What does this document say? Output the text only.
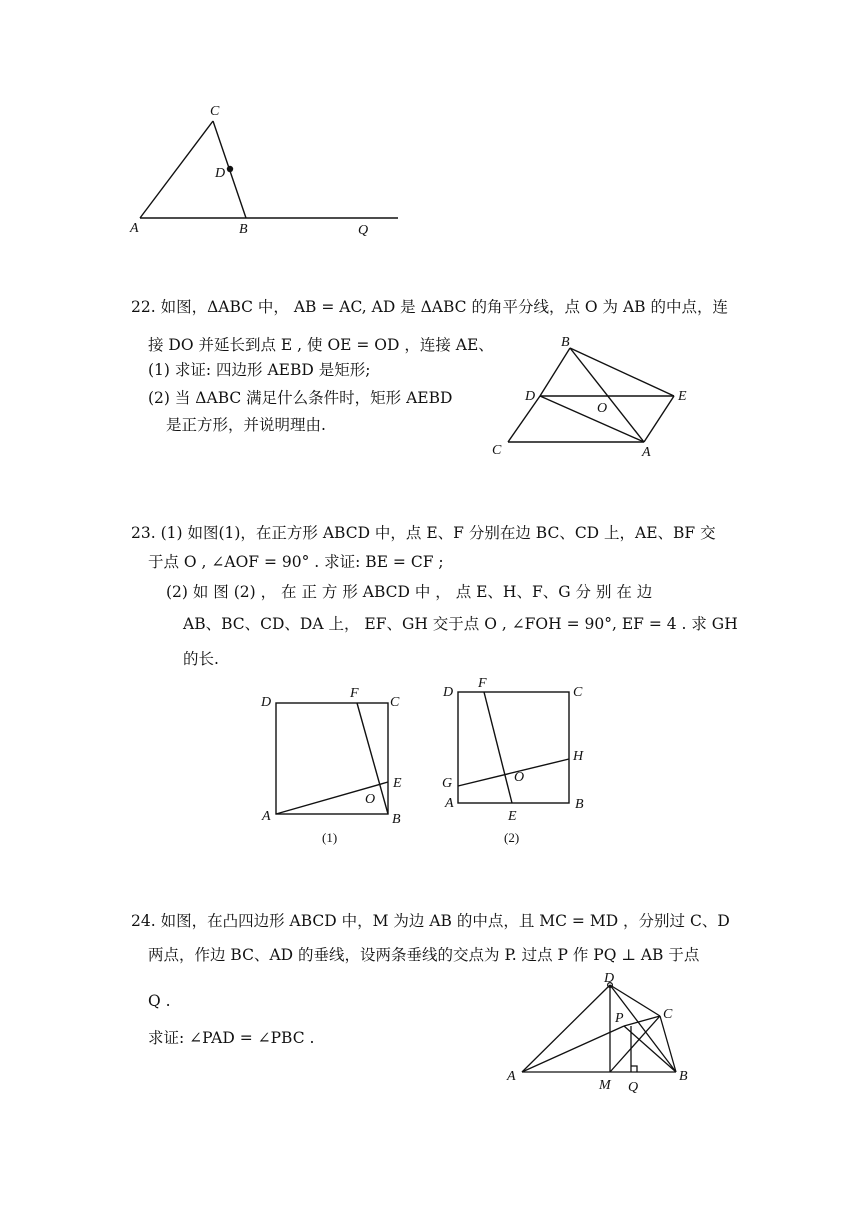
C
D
A	B	Q
22. 如图，ΔABC 中， AB = AC, AD 是 ΔABC 的角平分线，点 O 为 AB 的中点，连
接 DO 并延长到点 E , 使 OE = OD ，连接 AE、
(1) 求证: 四边形 AEBD 是矩形;
(2) 当 ΔABC 满足什么条件时，矩形 AEBD
是正方形，并说明理由.
B
D
O
E
C	A
23. (1) 如图(1)，在正方形 ABCD 中，点 E、F 分别在边 BC、CD 上，AE、BF 交
于点 O , ∠AOF = 90° . 求证: BE = CF ;
(2) 如 图 (2) ， 在 正 方 形 ABCD 中 ， 点 E、H、F、G 分 别 在 边
AB、BC、CD、DA 上， EF、GH 交于点 O , ∠FOH = 90°, EF = 4 . 求 GH
的长.
D
F
C
E
O
A	B
(1)
D
F
C
H
G	O
A
E
B
(2)
24. 如图，在凸四边形 ABCD 中，M 为边 AB 的中点，且 MC = MD ，分别过 C、D
两点，作边 BC、AD 的垂线，设两条垂线的交点为 P. 过点 P 作 PQ ⊥ AB 于点
Q .
求证: ∠PAD = ∠PBC .
D
P	C
A
M Q
B
